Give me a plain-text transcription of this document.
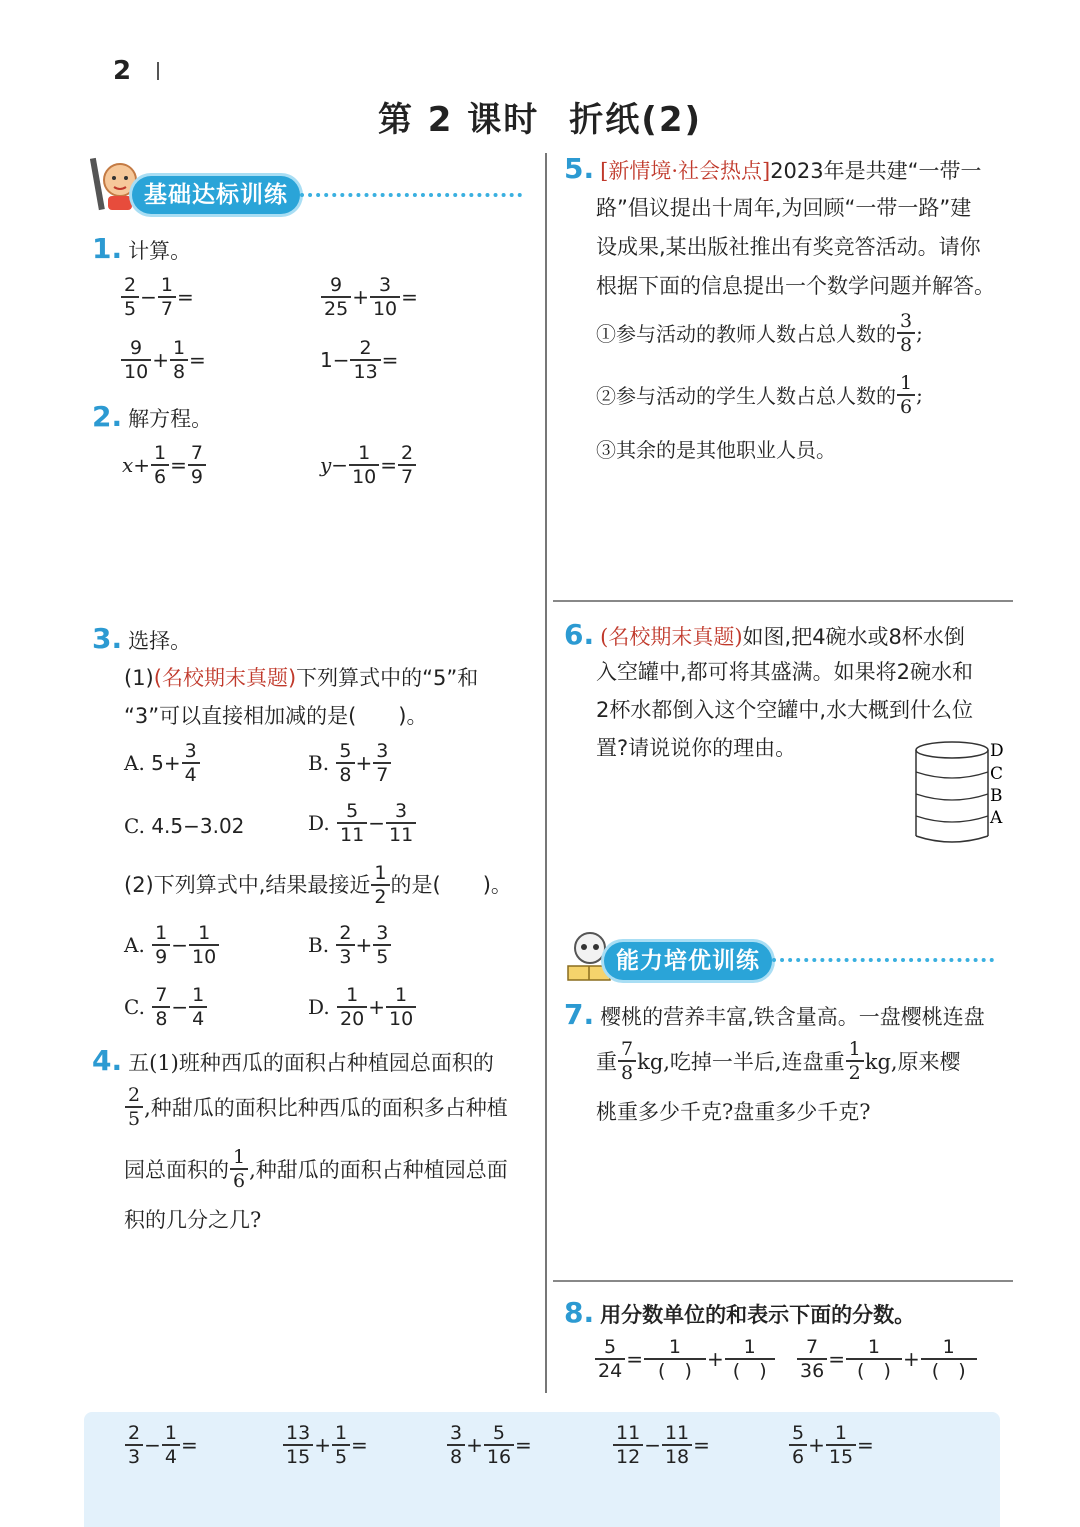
2
第 2 课时 折纸(2)
基础达标训练
1. 计算。
$\frac{2}{5} - \frac{1}{7}$ =	$\frac{9}{25} + \frac{3}{10}$ =
$\frac{9}{10} + \frac{1}{8}$ =	$1- \frac{2}{13}$ =
2. 解方程。
$x+ \frac{1}{6} = \frac{7}{9}$	$y- \frac{1}{10} = \frac{2}{7}$
3. 选择。
(1)(名校期末真题)下列算式中的“5”和
“3”可以直接相加减的是(　　)。
A.
$5+ \frac{3}{4}$	B.
$\frac{5}{8} + \frac{3}{7}$
C.
4.5−3.02	D.
$\frac{5}{11} - \frac{3}{11}$
(2)下列算式中,结果最接近 $\frac{1}{2}$ 的是(　　)。
A.
$\frac{1}{9} - \frac{1}{10}$	B.
$\frac{2}{3} + \frac{3}{5}$
C.
$\frac{7}{8} - \frac{1}{4}$	D.
$\frac{1}{20} + \frac{1}{10}$
4. 五(1)班种西瓜的面积占种植园总面积的
$\frac{2}{5}$ ,种甜瓜的面积比种西瓜的面积多占种植
园总面积的 $\frac{1}{6}$ ,种甜瓜的面积占种植园总面
积的几分之几?
5. [新情境·社会热点]2023年是共建“一带一
路”倡议提出十周年,为回顾“一带一路”建
设成果,某出版社推出有奖竞答活动。请你
根据下面的信息提出一个数学问题并解答。
①参与活动的教师人数占总人数的 $\frac{3}{8}$ ;
②参与活动的学生人数占总人数的 $\frac{1}{6}$ ;
③其余的是其他职业人员。
6. (名校期末真题)如图,把4碗水或8杯水倒
入空罐中,都可将其盛满。如果将2碗水和
2杯水都倒入这个空罐中,水大概到什么位
置?请说说你的理由。	D
C
B
A
能力培优训练
7. 樱桃的营养丰富,铁含量高。一盘樱桃连盘
重 $\frac{7}{8}$ kg,吃掉一半后,连盘重 $\frac{1}{2}$ kg,原来樱
桃重多少千克?盘重多少千克?
8. 用分数单位的和表示下面的分数。
$\frac{5}{24} = \frac{1}{( )} + \frac{1}{( )} \frac{7}{36} = \frac{1}{( )} + \frac{1}{( )}$
$\frac{2}{3} - \frac{1}{4}$ =	$\frac{13}{15} + \frac{1}{5}$ =	$\frac{3}{8} + \frac{5}{16}$ =	$\frac{11}{12} - \frac{11}{18}$ =	$\frac{5}{6} + \frac{1}{15}$ =
